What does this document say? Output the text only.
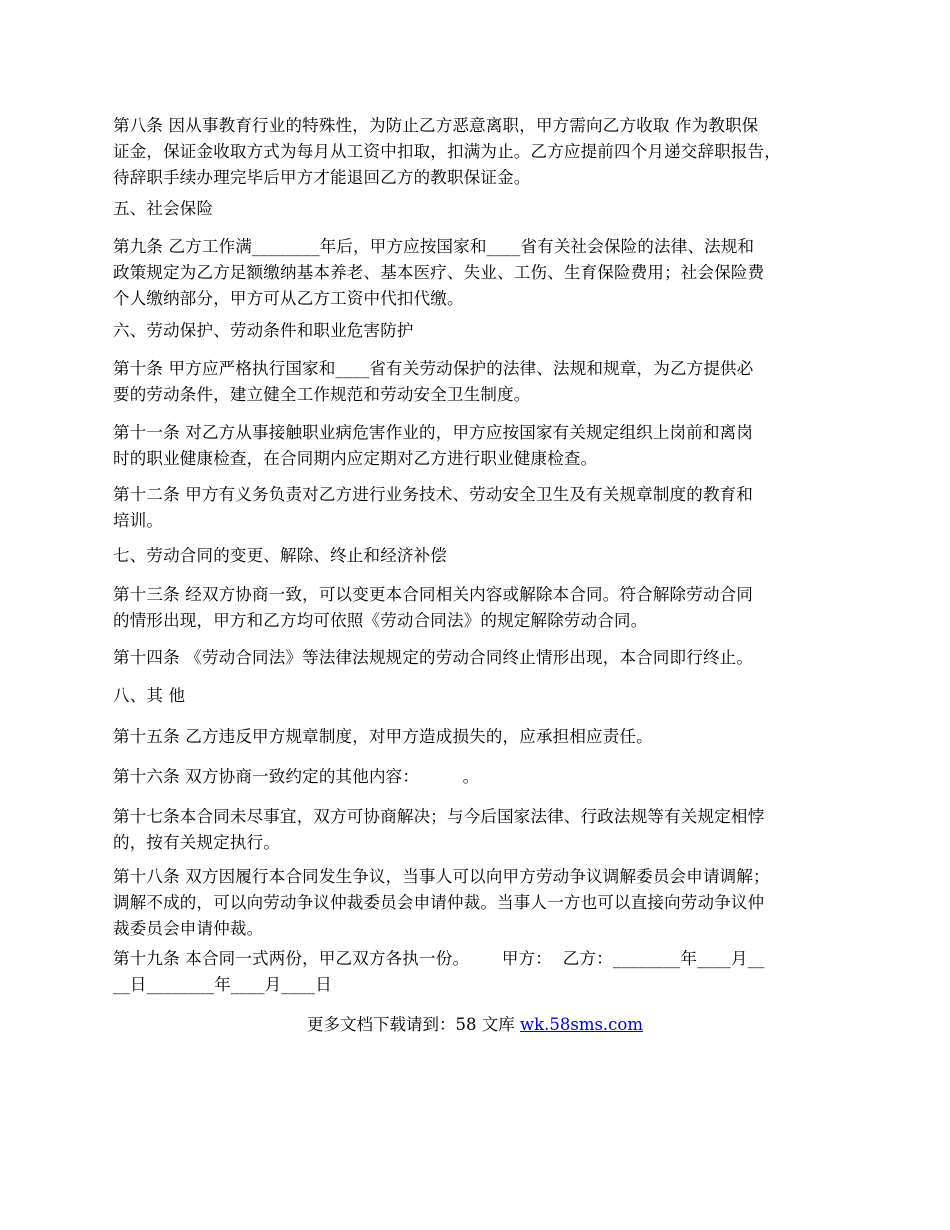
第八条 因从事教育行业的特殊性，为防止乙方恶意离职，甲方需向乙方收取 作为教职保
证金，保证金收取方式为每月从工资中扣取，扣满为止。乙方应提前四个月递交辞职报告，
待辞职手续办理完毕后甲方才能退回乙方的教职保证金。
五、社会保险
第九条 乙方工作满________年后，甲方应按国家和____省有关社会保险的法律、法规和
政策规定为乙方足额缴纳基本养老、基本医疗、失业、工伤、生育保险费用；社会保险费
个人缴纳部分，甲方可从乙方工资中代扣代缴。
六、劳动保护、劳动条件和职业危害防护
第十条 甲方应严格执行国家和____省有关劳动保护的法律、法规和规章，为乙方提供必
要的劳动条件，建立健全工作规范和劳动安全卫生制度。
第十一条 对乙方从事接触职业病危害作业的，甲方应按国家有关规定组织上岗前和离岗
时的职业健康检查，在合同期内应定期对乙方进行职业健康检查。
第十二条 甲方有义务负责对乙方进行业务技术、劳动安全卫生及有关规章制度的教育和
培训。
七、劳动合同的变更、解除、终止和经济补偿
第十三条 经双方协商一致，可以变更本合同相关内容或解除本合同。符合解除劳动合同
的情形出现，甲方和乙方均可依照《劳动合同法》的规定解除劳动合同。
第十四条 《劳动合同法》等法律法规规定的劳动合同终止情形出现，本合同即行终止。
八、其 他
第十五条 乙方违反甲方规章制度，对甲方造成损失的，应承担相应责任。
第十六条 双方协商一致约定的其他内容：        。
第十七条本合同未尽事宜，双方可协商解决；与今后国家法律、行政法规等有关规定相悖
的，按有关规定执行。
第十八条 双方因履行本合同发生争议，当事人可以向甲方劳动争议调解委员会申请调解；
调解不成的，可以向劳动争议仲裁委员会申请仲裁。当事人一方也可以直接向劳动争议仲
裁委员会申请仲裁。
第十九条 本合同一式两份，甲乙双方各执一份。      甲方：  乙方：________年____月__
__日________年____月____日
更多文档下载请到：58 文库 wk.58sms.com
